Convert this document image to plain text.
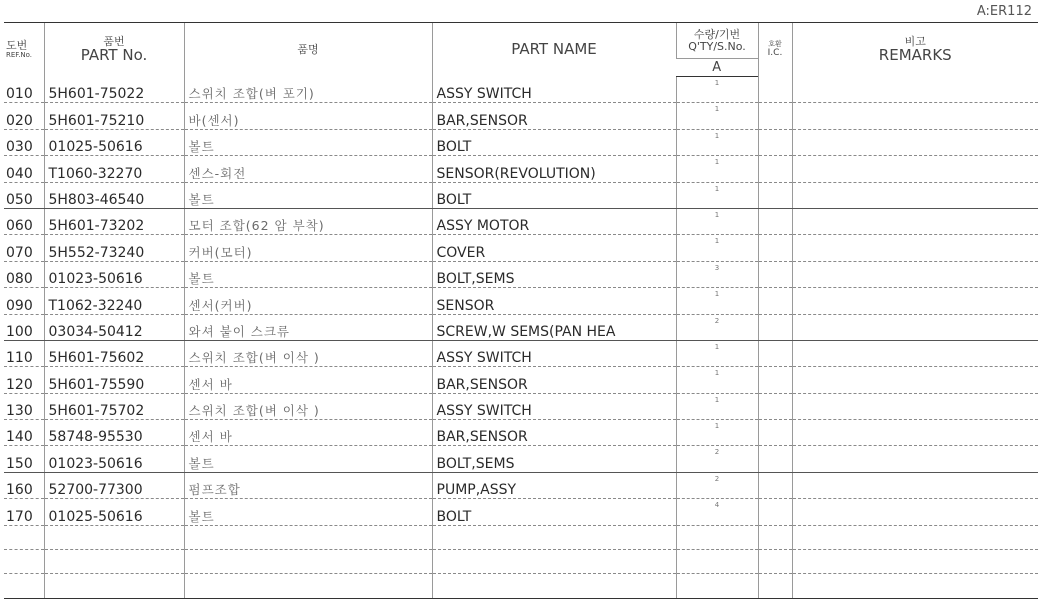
A:ER112
도번
REF.No.	품번
PART No.	품명	PART NAME	수량/기번
Q'TY/S.No.	호환
I.C.	비고
REMARKS

				A		
010	5H601-75022	스위치 조합(벼 포기)	ASSY SWITCH	1		
020	5H601-75210	바(센서)	BAR,SENSOR	1		
030	01025-50616	볼트	BOLT	1		
040	T1060-32270	센스-회전	SENSOR(REVOLUTION)	1		
050	5H803-46540	볼트	BOLT	1		
060	5H601-73202	모터 조합(62 암 부착)	ASSY MOTOR	1		
070	5H552-73240	커버(모터)	COVER	1		
080	01023-50616	볼트	BOLT,SEMS	3		
090	T1062-32240	센서(커버)	SENSOR	1		
100	03034-50412	와셔 붙이 스크류	SCREW,W SEMS(PAN HEA	2		
110	5H601-75602	스위치 조합(벼 이삭 )	ASSY SWITCH	1		
120	5H601-75590	센서 바	BAR,SENSOR	1		
130	5H601-75702	스위치 조합(벼 이삭 )	ASSY SWITCH	1		
140	58748-95530	센서 바	BAR,SENSOR	1		
150	01023-50616	볼트	BOLT,SEMS	2		
160	52700-77300	펌프조합	PUMP,ASSY	2		
170	01025-50616	볼트	BOLT	4		
